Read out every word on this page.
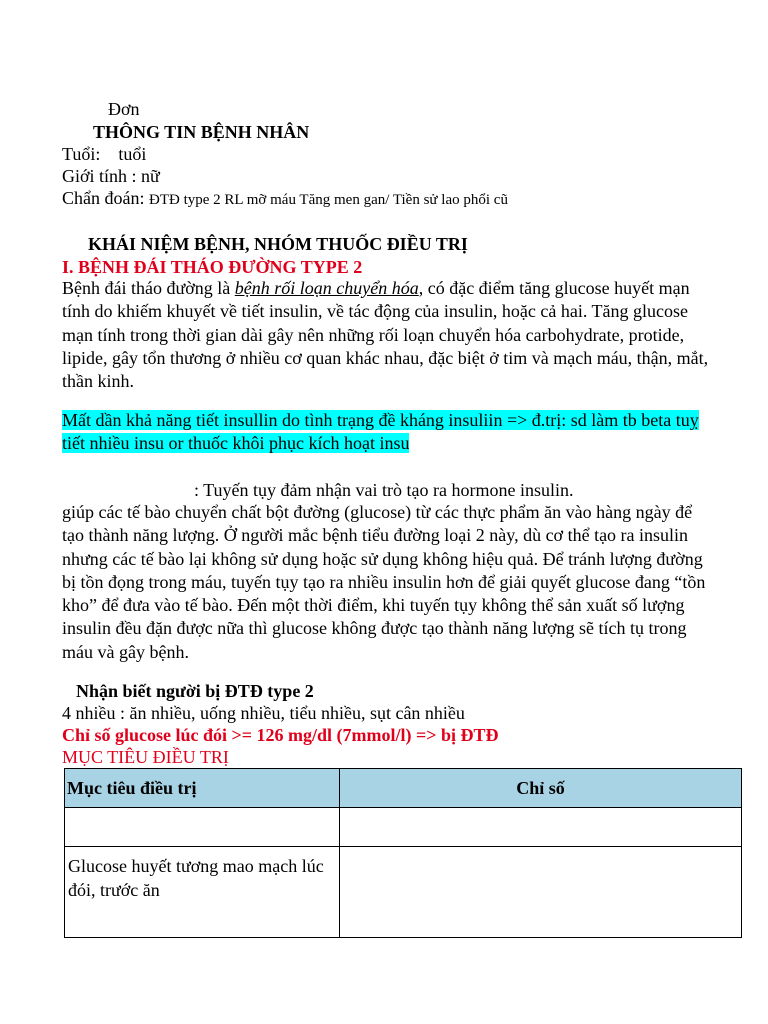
Đơn
THÔNG TIN BỆNH NHÂN
Tuổi: tuổi
Giới tính : nữ
Chẩn đoán: ĐTĐ type 2 RL mỡ máu Tăng men gan/ Tiền sử lao phổi cũ
KHÁI NIỆM BỆNH, NHÓM THUỐC ĐIỀU TRỊ
I. BỆNH ĐÁI THÁO ĐƯỜNG TYPE 2
Bệnh đái tháo đường là bệnh rối loạn chuyển hóa, có đặc điểm tăng glucose huyết mạn tính do khiếm khuyết về tiết insulin, về tác động của insulin, hoặc cả hai. Tăng glucose mạn tính trong thời gian dài gây nên những rối loạn chuyển hóa carbohydrate, protide, lipide, gây tổn thương ở nhiều cơ quan khác nhau, đặc biệt ở tim và mạch máu, thận, mắt, thần kinh.
Mất dần khả năng tiết insullin do tình trạng đề kháng insuliin => đ.trị: sd làm tb beta tuỵ tiết nhiều insu or thuốc khôi phục kích hoạt insu
: Tuyến tụy đảm nhận vai trò tạo ra hormone insulin.
giúp các tế bào chuyển chất bột đường (glucose) từ các thực phẩm ăn vào hàng ngày để tạo thành năng lượng. Ở người mắc bệnh tiểu đường loại 2 này, dù cơ thể tạo ra insulin nhưng các tế bào lại không sử dụng hoặc sử dụng không hiệu quả. Để tránh lượng đường bị tồn đọng trong máu, tuyến tụy tạo ra nhiều insulin hơn để giải quyết glucose đang “tồn kho” để đưa vào tế bào. Đến một thời điểm, khi tuyến tụy không thể sản xuất số lượng insulin đều đặn được nữa thì glucose không được tạo thành năng lượng sẽ tích tụ trong máu và gây bệnh.
Nhận biết người bị ĐTĐ type 2
4 nhiều : ăn nhiều, uống nhiều, tiểu nhiều, sụt cân nhiều
Chỉ số glucose lúc đói >= 126 mg/dl (7mmol/l) => bị ĐTĐ
MỤC TIÊU ĐIỀU TRỊ
Mục tiêu điều trị	Chỉ số

Glucose huyết tương mao mạch lúc đói, trước ăn	
